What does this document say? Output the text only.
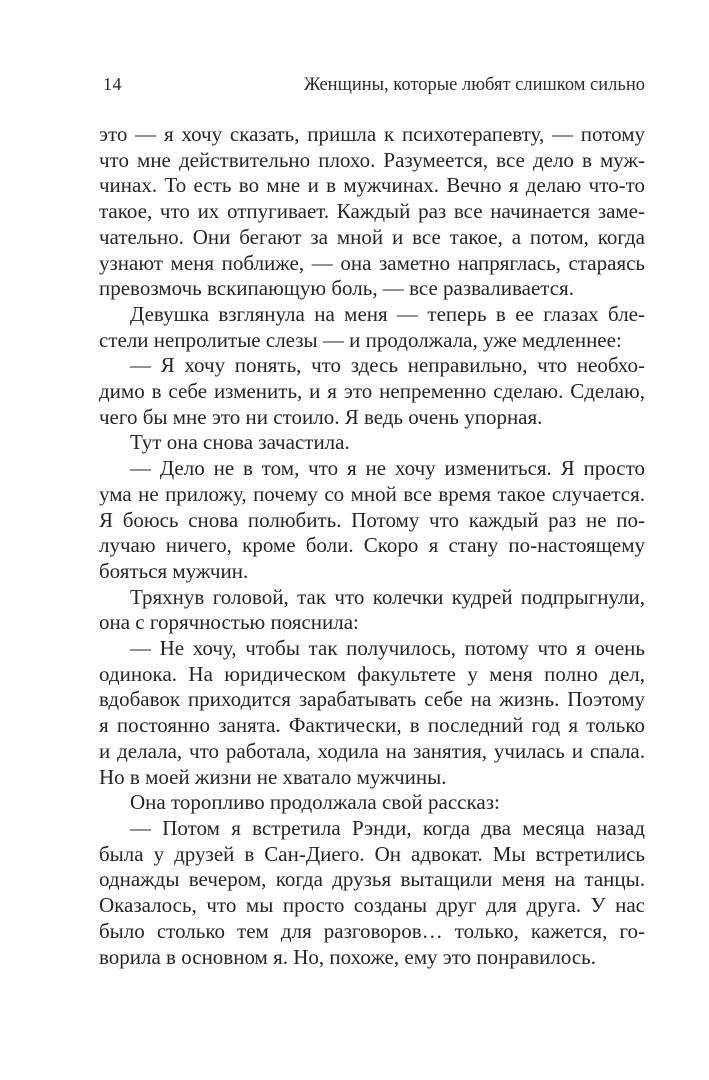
14	Женщины, которые любят слишком сильно
это — я хочу сказать, пришла к психотерапевту, — потому
что мне действительно плохо. Разумеется, все дело в муж-
чинах. То есть во мне и в мужчинах. Вечно я делаю что-то
такое, что их отпугивает. Каждый раз все начинается заме-
чательно. Они бегают за мной и все такое, а потом, когда
узнают меня поближе, — она заметно напряглась, стараясь
превозмочь вскипающую боль, — все разваливается.
Девушка взглянула на меня — теперь в ее глазах бле-
стели непролитые слезы — и продолжала, уже медленнее:
— Я хочу понять, что здесь неправильно, что необхо-
димо в себе изменить, и я это непременно сделаю. Сделаю,
чего бы мне это ни стоило. Я ведь очень упорная.
Тут она снова зачастила.
— Дело не в том, что я не хочу измениться. Я просто
ума не приложу, почему со мной все время такое случается.
Я боюсь снова полюбить. Потому что каждый раз не по-
лучаю ничего, кроме боли. Скоро я стану по-настоящему
бояться мужчин.
Тряхнув головой, так что колечки кудрей подпрыгнули,
она с горячностью пояснила:
— Не хочу, чтобы так получилось, потому что я очень
одинока. На юридическом факультете у меня полно дел,
вдобавок приходится зарабатывать себе на жизнь. Поэтому
я постоянно занята. Фактически, в последний год я только
и делала, что работала, ходила на занятия, училась и спала.
Но в моей жизни не хватало мужчины.
Она торопливо продолжала свой рассказ:
— Потом я встретила Рэнди, когда два месяца назад
была у друзей в Сан-Диего. Он адвокат. Мы встретились
однажды вечером, когда друзья вытащили меня на танцы.
Оказалось, что мы просто созданы друг для друга. У нас
было столько тем для разговоров… только, кажется, го-
ворила в основном я. Но, похоже, ему это понравилось.
